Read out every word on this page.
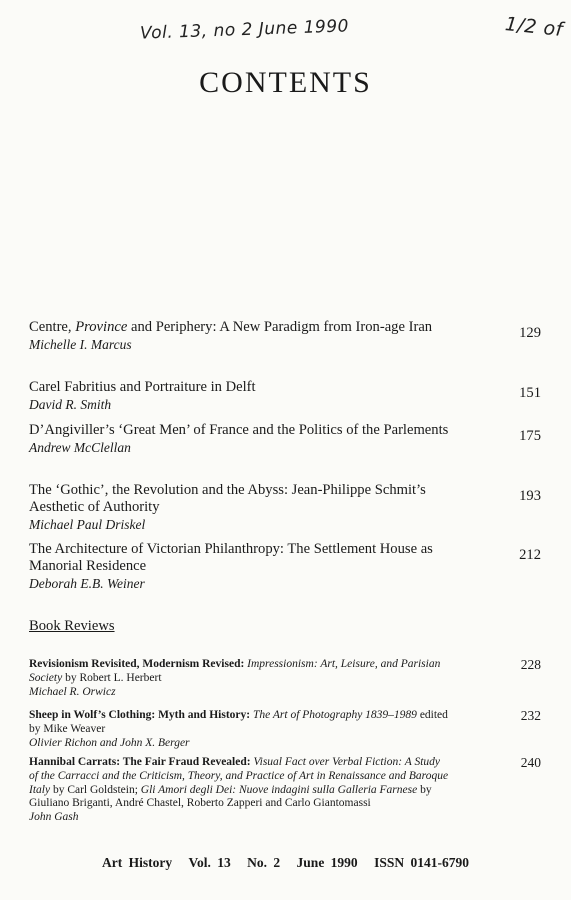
Vol. 13, no 2 June 1990	1/2 of
CONTENTS
Centre, Province and Periphery: A New Paradigm from Iron-age Iran
Michelle I. Marcus
129
Carel Fabritius and Portraiture in Delft
David R. Smith
151
D’Angiviller’s ‘Great Men’ of France and the Politics of the Parlements
Andrew McClellan
175
The ‘Gothic’, the Revolution and the Abyss: Jean-Philippe Schmit’s Aesthetic of Authority
Michael Paul Driskel
193
The Architecture of Victorian Philanthropy: The Settlement House as Manorial Residence
Deborah E.B. Weiner
212
Book Reviews
Revisionism Revisited, Modernism Revised: Impressionism: Art, Leisure, and Parisian Society by Robert L. Herbert
Michael R. Orwicz
228
Sheep in Wolf’s Clothing: Myth and History: The Art of Photography 1839–1989 edited by Mike Weaver
Olivier Richon and John X. Berger
232
Hannibal Carrats: The Fair Fraud Revealed: Visual Fact over Verbal Fiction: A Study of the Carracci and the Criticism, Theory, and Practice of Art in Renaissance and Baroque Italy by Carl Goldstein; Gli Amori degli Dei: Nuove indagini sulla Galleria Farnese by Giuliano Briganti, André Chastel, Roberto Zapperi and Carlo Giantomassi
John Gash
240
Art History Vol. 13 No. 2 June 1990 ISSN 0141-6790
